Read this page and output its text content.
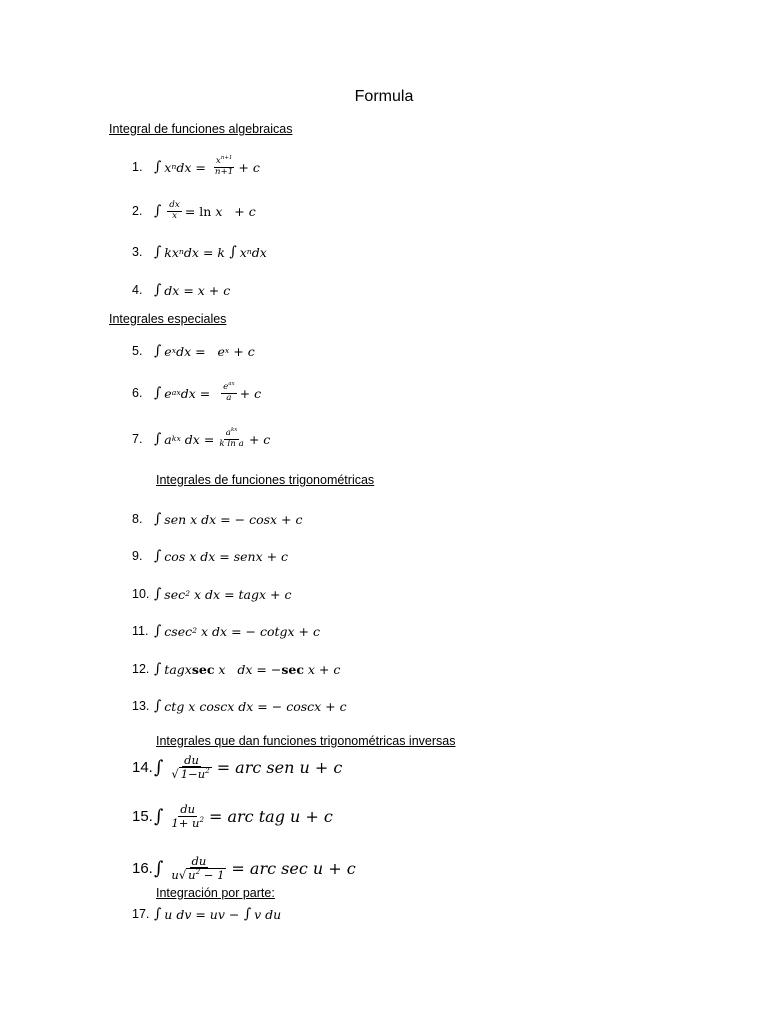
Formula
Integral de funciones algebraicas
1. ∫ x n dx = $\frac{x^{n+1}}{n+1} + c$
2. ∫ $\frac{dx}{x} = \ln x + c$
3. ∫ kx n dx = k ∫ x n dx
4. ∫ dx = x + c
Integrales especiales
5. ∫ e x dx =   e x + c
6. ∫ e ax dx = $\frac{e^{ax}}{a} + c$
7. ∫ a kx dx = $\frac{a^{kx}}{\text{k ln a}} + c$
Integrales de funciones trigonométricas
8. ∫ sen x dx = − cosx + c
9. ∫ cos x dx = senx + c
10. ∫ sec 2 x dx = tagx + c
11. ∫ csec 2 x dx = − cotgx + c
12. ∫ tagx sec x   dx = − sec x + c
13. ∫ ctg x coscx dx = − coscx + c
Integrales que dan funciones trigonométricas inversas
14. ∫ $\frac{du}{√ 1-u^2}$ = arc sen u + c
15. ∫ $\frac{du}{1+ u^2}$ = arc tag u + c
16. ∫ $\frac{du}{u √ u^2 - 1}$ = arc sec u + c
Integración por parte:
17. ∫ u dv = uv − ∫ v du
